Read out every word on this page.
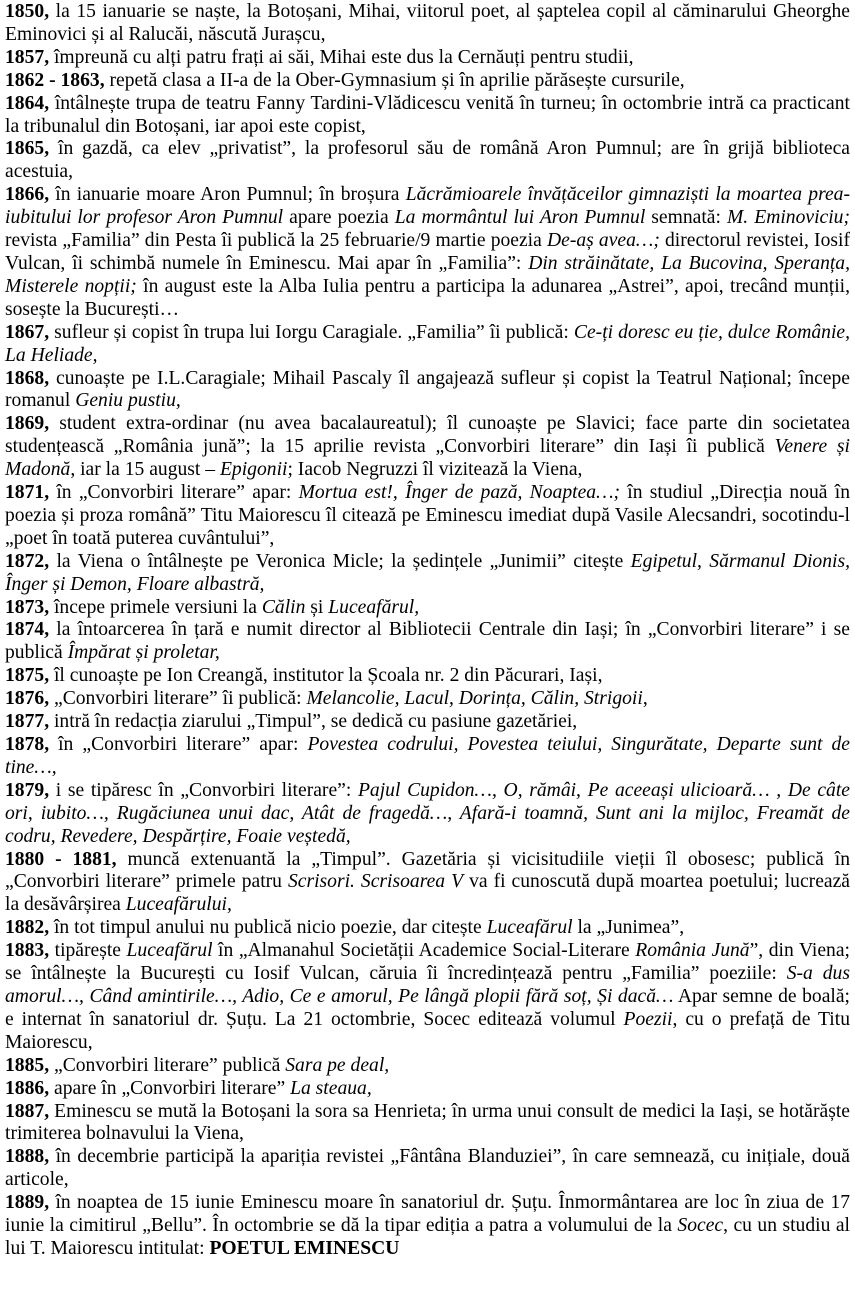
1850, la 15 ianuarie se naște, la Botoșani, Mihai, viitorul poet, al șaptelea copil al căminarului Gheorghe Eminovici și al Ralucăi, născută Jurașcu,

1857, împreună cu alți patru frați ai săi, Mihai este dus la Cernăuți pentru studii,

1862 - 1863, repetă clasa a II-a de la Ober-Gymnasium și în aprilie părăsește cursurile,

1864, întâlnește trupa de teatru Fanny Tardini-Vlădicescu venită în turneu; în octombrie intră ca practicant la tribunalul din Botoșani, iar apoi este copist,

1865, în gazdă, ca elev „privatist”, la profesorul său de română Aron Pumnul; are în grijă biblioteca acestuia,

1866, în ianuarie moare Aron Pumnul; în broșura Lăcrămioarele învățăceilor gimnaziști la moartea prea-iubitului lor profesor Aron Pumnul apare poezia La mormântul lui Aron Pumnul semnată: M. Eminoviciu; revista „Familia” din Pesta îi publică la 25 februarie/9 martie poezia De-aș avea…; directorul revistei, Iosif Vulcan, îi schimbă numele în Eminescu. Mai apar în „Familia”: Din străinătate, La Bucovina, Speranța, Misterele nopții; în august este la Alba Iulia pentru a participa la adunarea „Astrei”, apoi, trecând munții, sosește la București…

1867, sufleur și copist în trupa lui Iorgu Caragiale. „Familia” îi publică: Ce-ți doresc eu ție, dulce Românie, La Heliade,

1868, cunoaște pe I.L.Caragiale; Mihail Pascaly îl angajează sufleur și copist la Teatrul Național; începe romanul Geniu pustiu,

1869, student extra-ordinar (nu avea bacalaureatul); îl cunoaște pe Slavici; face parte din societatea studențească „România jună”; la 15 aprilie revista „Convorbiri literare” din Iași îi publică Venere și Madonă, iar la 15 august – Epigonii; Iacob Negruzzi îl vizitează la Viena,

1871, în „Convorbiri literare” apar: Mortua est!, Înger de pază, Noaptea…; în studiul „Direcția nouă în poezia și proza română” Titu Maiorescu îl citează pe Eminescu imediat după Vasile Alecsandri, socotindu-l „poet în toată puterea cuvântului”,

1872, la Viena o întâlnește pe Veronica Micle; la ședințele „Junimii” citește Egipetul, Sărmanul Dionis, Înger și Demon, Floare albastră,

1873, începe primele versiuni la Călin și Luceafărul,

1874, la întoarcerea în țară e numit director al Bibliotecii Centrale din Iași; în „Convorbiri literare” i se publică Împărat și proletar,

1875, îl cunoaște pe Ion Creangă, institutor la Școala nr. 2 din Păcurari, Iași,

1876, „Convorbiri literare” îi publică: Melancolie, Lacul, Dorința, Călin, Strigoii,

1877, intră în redacția ziarului „Timpul”, se dedică cu pasiune gazetăriei,

1878, în „Convorbiri literare” apar: Povestea codrului, Povestea teiului, Singurătate, Departe sunt de tine…,

1879, i se tipăresc în „Convorbiri literare”: Pajul Cupidon…, O, rămâi, Pe aceeași ulicioară… , De câte ori, iubito…, Rugăciunea unui dac, Atât de fragedă…, Afară-i toamnă, Sunt ani la mijloc, Freamăt de codru, Revedere, Despărțire, Foaie veștedă,

1880 - 1881, muncă extenuantă la „Timpul”. Gazetăria și vicisitudiile vieții îl obosesc; publică în „Convorbiri literare” primele patru Scrisori. Scrisoarea V va fi cunoscută după moartea poetului; lucrează la desăvârșirea Luceafărului,

1882, în tot timpul anului nu publică nicio poezie, dar citește Luceafărul la „Junimea”,

1883, tipărește Luceafărul în „Almanahul Societății Academice Social-Literare România Jună”, din Viena; se întâlnește la București cu Iosif Vulcan, căruia îi încredințează pentru „Familia” poeziile: S-a dus amorul…, Când amintirile…, Adio, Ce e amorul, Pe lângă plopii fără soț, Și dacă… Apar semne de boală; e internat în sanatoriul dr. Șuțu. La 21 octombrie, Socec editează volumul Poezii, cu o prefață de Titu Maiorescu,

1885, „Convorbiri literare” publică Sara pe deal,

1886, apare în „Convorbiri literare” La steaua,

1887, Eminescu se mută la Botoșani la sora sa Henrieta; în urma unui consult de medici la Iași, se hotărăște trimiterea bolnavului la Viena,

1888, în decembrie participă la apariția revistei „Fântâna Blanduziei”, în care semnează, cu inițiale, două articole,

1889, în noaptea de 15 iunie Eminescu moare în sanatoriul dr. Șuțu. Înmormântarea are loc în ziua de 17 iunie la cimitirul „Bellu”. În octombrie se dă la tipar ediția a patra a volumului de la Socec, cu un studiu al lui T. Maiorescu intitulat: POETUL EMINESCU
